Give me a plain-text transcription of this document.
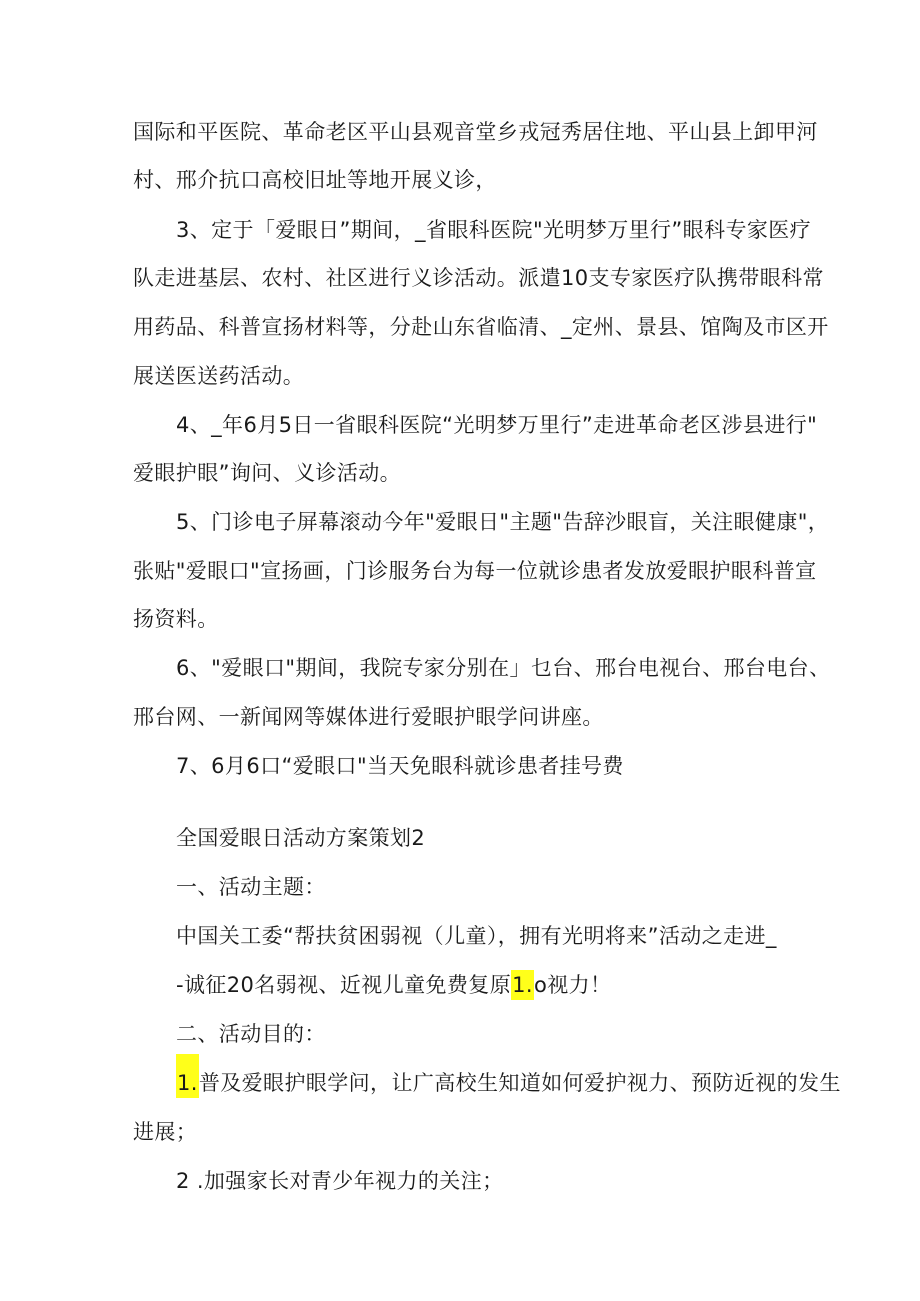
国际和平医院、革命老区平山县观音堂乡戎冠秀居住地、平山县上卸甲河
村、邢介抗口高校旧址等地开展义诊，
3、定于「爱眼日”期间，_省眼科医院"光明梦万里行”眼科专家医疗
队走进基层、农村、社区进行义诊活动。派遣10支专家医疗队携带眼科常
用药品、科普宣扬材料等，分赴山东省临清、_定州、景县、馆陶及市区开
展送医送药活动。
4、_年6月5日一省眼科医院“光明梦万里行”走进革命老区涉县进行"
爱眼护眼”询问、义诊活动。
5、门诊电子屏幕滚动今年"爱眼日"主题"告辞沙眼盲，关注眼健康"，
张贴"爱眼口"宣扬画，门诊服务台为每一位就诊患者发放爱眼护眼科普宣
扬资料。
6、"爱眼口"期间，我院专家分别在」乜台、邢台电视台、邢台电台、
邢台网、一新闻网等媒体进行爱眼护眼学问讲座。
7、6月6口“爱眼口"当天免眼科就诊患者挂号费
全国爱眼日活动方案策划2
一、活动主题：
中国关工委“帮扶贫困弱视（儿童），拥有光明将来”活动之走进_
-诚征20名弱视、近视儿童免费复原1.o视力！
二、活动目的：
1.普及爱眼护眼学问，让广高校生知道如何爱护视力、预防近视的发生
进展；
2 .加强家长对青少年视力的关注；
